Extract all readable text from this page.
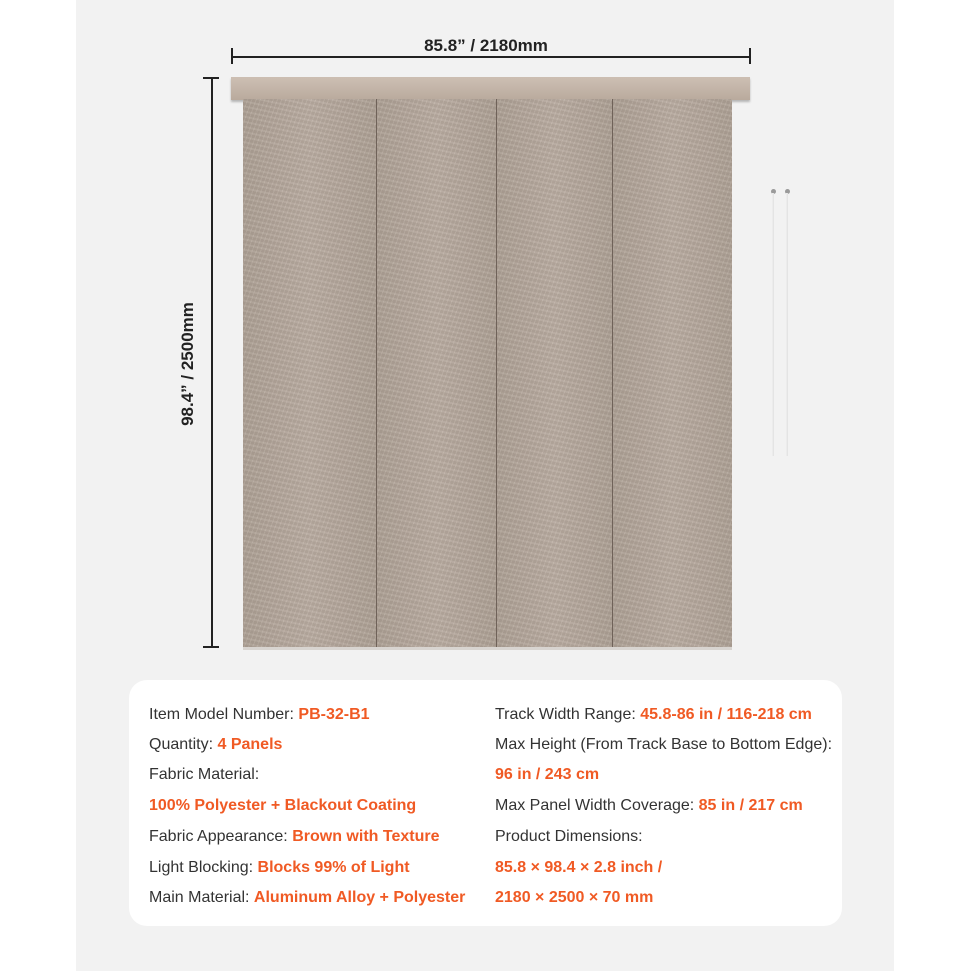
85.8” / 2180mm
98.4” / 2500mm
Item Model Number: PB-32-B1
Quantity: 4 Panels
Fabric Material:
100% Polyester + Blackout Coating
Fabric Appearance: Brown with Texture
Light Blocking: Blocks 99% of Light
Main Material: Aluminum Alloy + Polyester
Track Width Range: 45.8-86 in / 116-218 cm
Max Height (From Track Base to Bottom Edge):
96 in / 243 cm
Max Panel Width Coverage: 85 in / 217 cm
Product Dimensions:
85.8 × 98.4 × 2.8 inch /
2180 × 2500 × 70 mm
